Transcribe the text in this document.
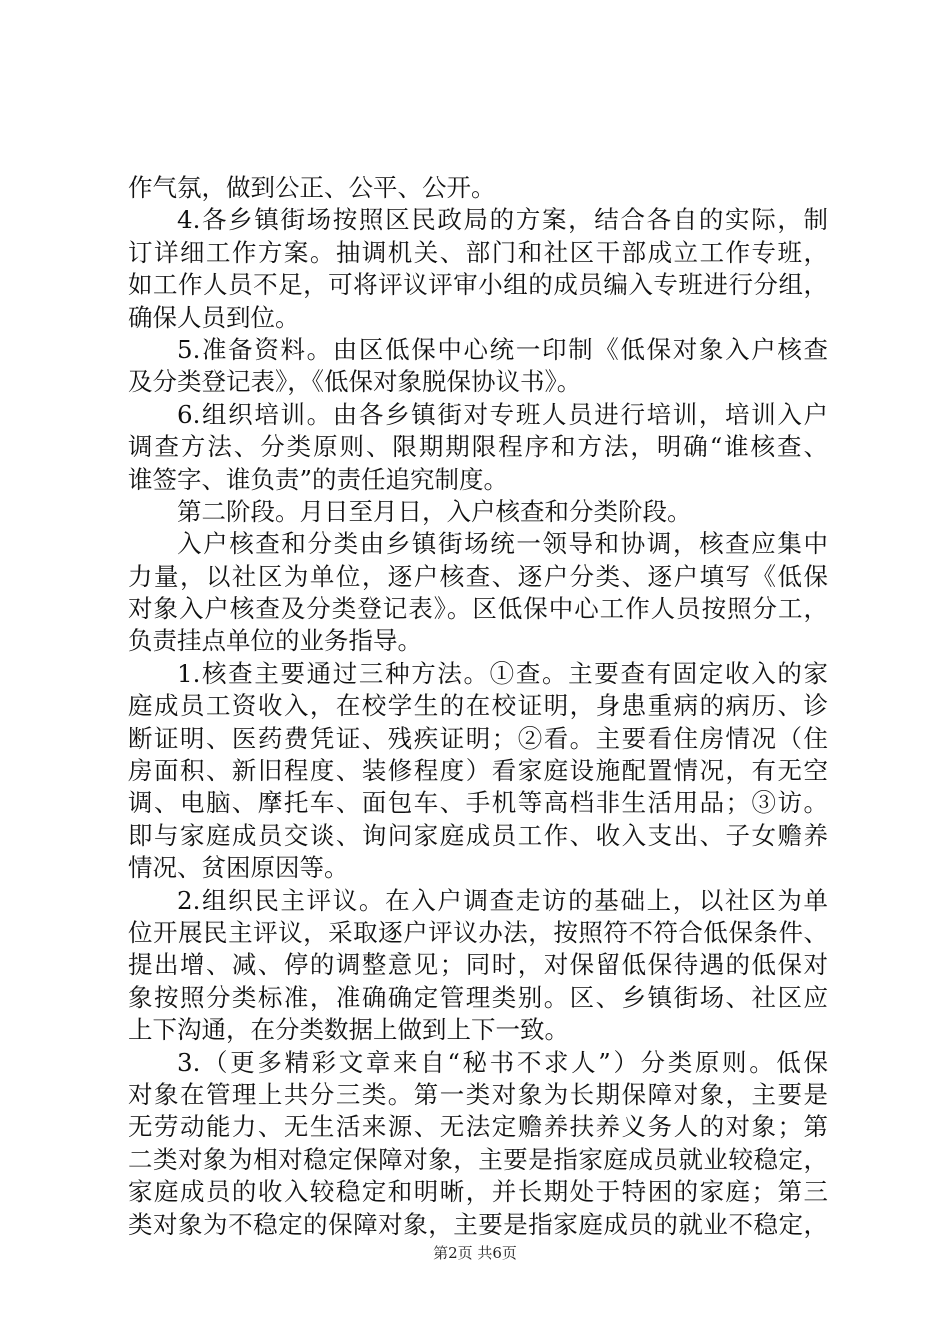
作气氛，做到公正、公平、公开。
4.各乡镇街场按照区民政局的方案，结合各自的实际，制
订详细工作方案。抽调机关、部门和社区干部成立工作专班，
如工作人员不足，可将评议评审小组的成员编入专班进行分组，
确保人员到位。
5.准备资料。由区低保中心统一印制《低保对象入户核查
及分类登记表》，《低保对象脱保协议书》。
6.组织培训。由各乡镇街对专班人员进行培训，培训入户
调查方法、分类原则、限期期限程序和方法，明确“谁核查、
谁签字、谁负责”的责任追究制度。
第二阶段。月日至月日，入户核查和分类阶段。
入户核查和分类由乡镇街场统一领导和协调，核查应集中
力量，以社区为单位，逐户核查、逐户分类、逐户填写《低保
对象入户核查及分类登记表》。区低保中心工作人员按照分工，
负责挂点单位的业务指导。
1.核查主要通过三种方法。①查。主要查有固定收入的家
庭成员工资收入，在校学生的在校证明，身患重病的病历、诊
断证明、医药费凭证、残疾证明；②看。主要看住房情况（住
房面积、新旧程度、装修程度）看家庭设施配置情况，有无空
调、电脑、摩托车、面包车、手机等高档非生活用品；③访。
即与家庭成员交谈、询问家庭成员工作、收入支出、子女赡养
情况、贫困原因等。
2.组织民主评议。在入户调查走访的基础上，以社区为单
位开展民主评议，采取逐户评议办法，按照符不符合低保条件、
提出增、减、停的调整意见；同时，对保留低保待遇的低保对
象按照分类标准，准确确定管理类别。区、乡镇街场、社区应
上下沟通，在分类数据上做到上下一致。
3.（更多精彩文章来自“秘书不求人”）分类原则。低保
对象在管理上共分三类。第一类对象为长期保障对象，主要是
无劳动能力、无生活来源、无法定赡养扶养义务人的对象；第
二类对象为相对稳定保障对象，主要是指家庭成员就业较稳定，
家庭成员的收入较稳定和明晰，并长期处于特困的家庭；第三
类对象为不稳定的保障对象，主要是指家庭成员的就业不稳定，
第2页 共6页
